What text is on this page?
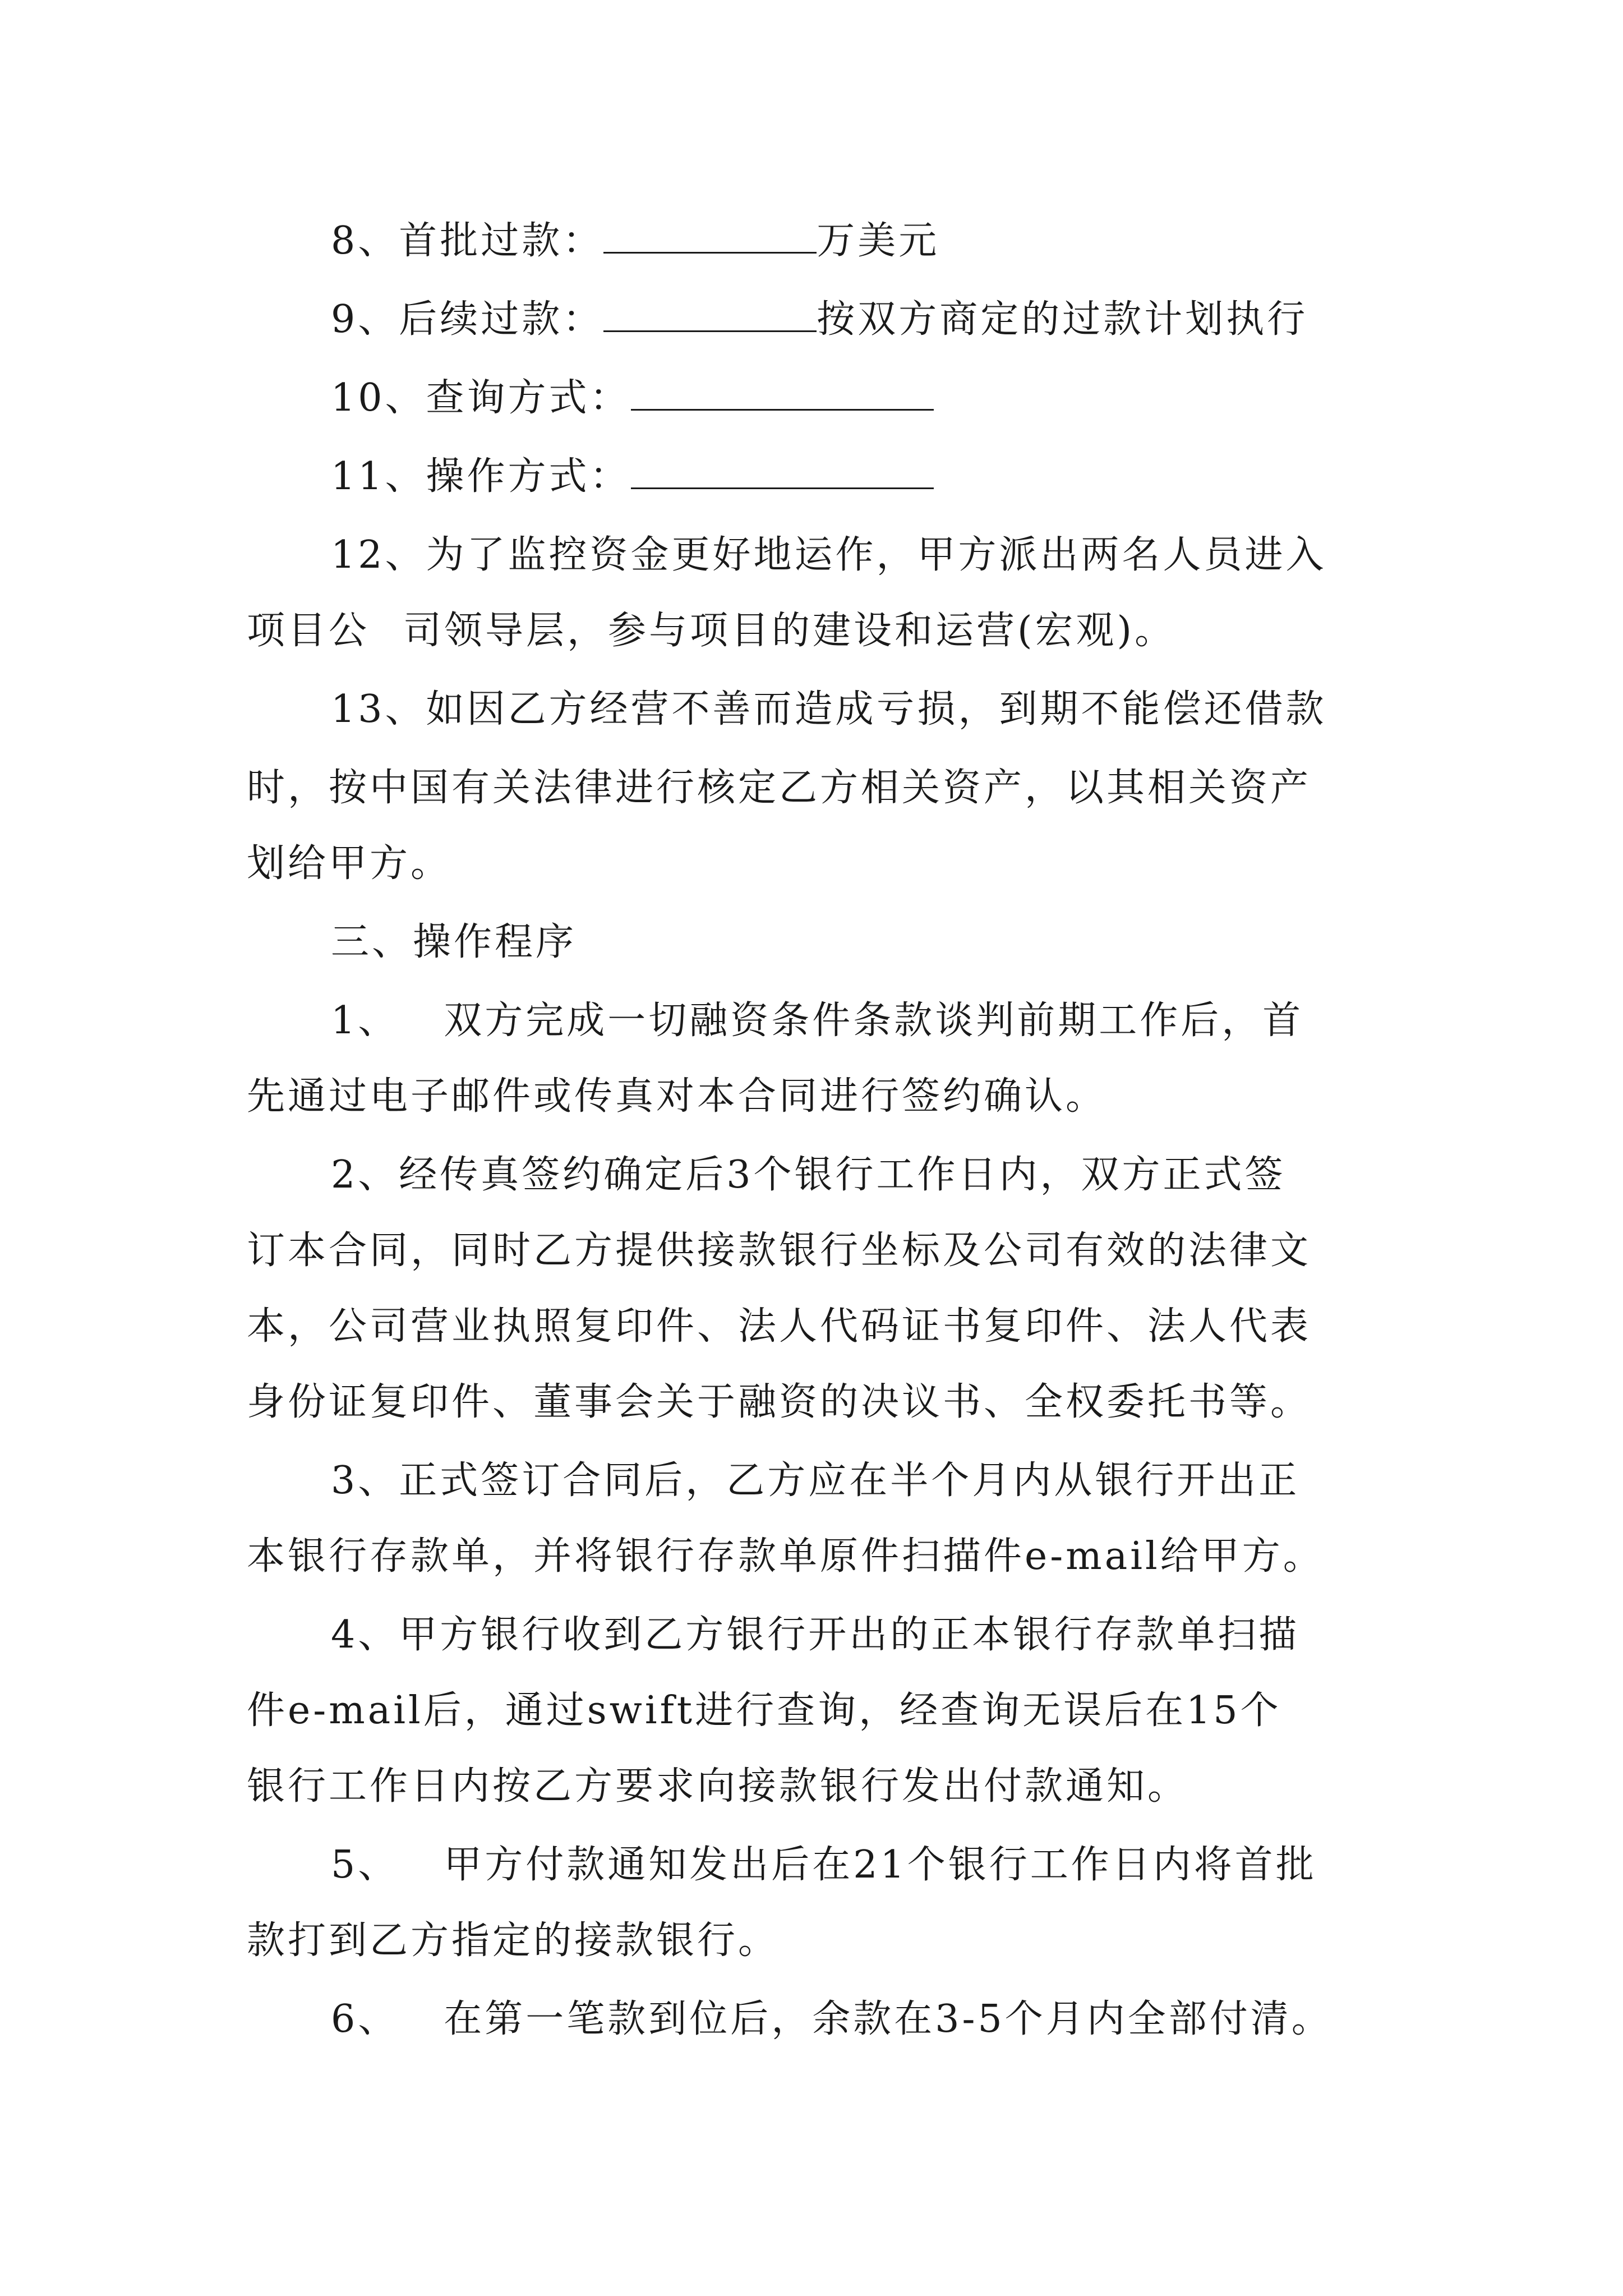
8、首批过款：	万美元
9、后续过款：	按双方商定的过款计划执行
10、查询方式：
11、操作方式：
12、为了监控资金更好地运作，甲方派出两名人员进入
项目公 司领导层，参与项目的建设和运营(宏观)。
13、如因乙方经营不善而造成亏损，到期不能偿还借款
时，按中国有关法律进行核定乙方相关资产，以其相关资产
划给甲方。
三、操作程序
1、 双方完成一切融资条件条款谈判前期工作后，首
先通过电子邮件或传真对本合同进行签约确认。
2、经传真签约确定后3个银行工作日内，双方正式签
订本合同，同时乙方提供接款银行坐标及公司有效的法律文
本，公司营业执照复印件、法人代码证书复印件、法人代表
身份证复印件、董事会关于融资的决议书、全权委托书等。
3、正式签订合同后，乙方应在半个月内从银行开出正
本银行存款单，并将银行存款单原件扫描件e-mail给甲方。
4、甲方银行收到乙方银行开出的正本银行存款单扫描
件e-mail后，通过swift进行查询，经查询无误后在15个
银行工作日内按乙方要求向接款银行发出付款通知。
5、 甲方付款通知发出后在21个银行工作日内将首批
款打到乙方指定的接款银行。
6、 在第一笔款到位后，余款在3-5个月内全部付清。
